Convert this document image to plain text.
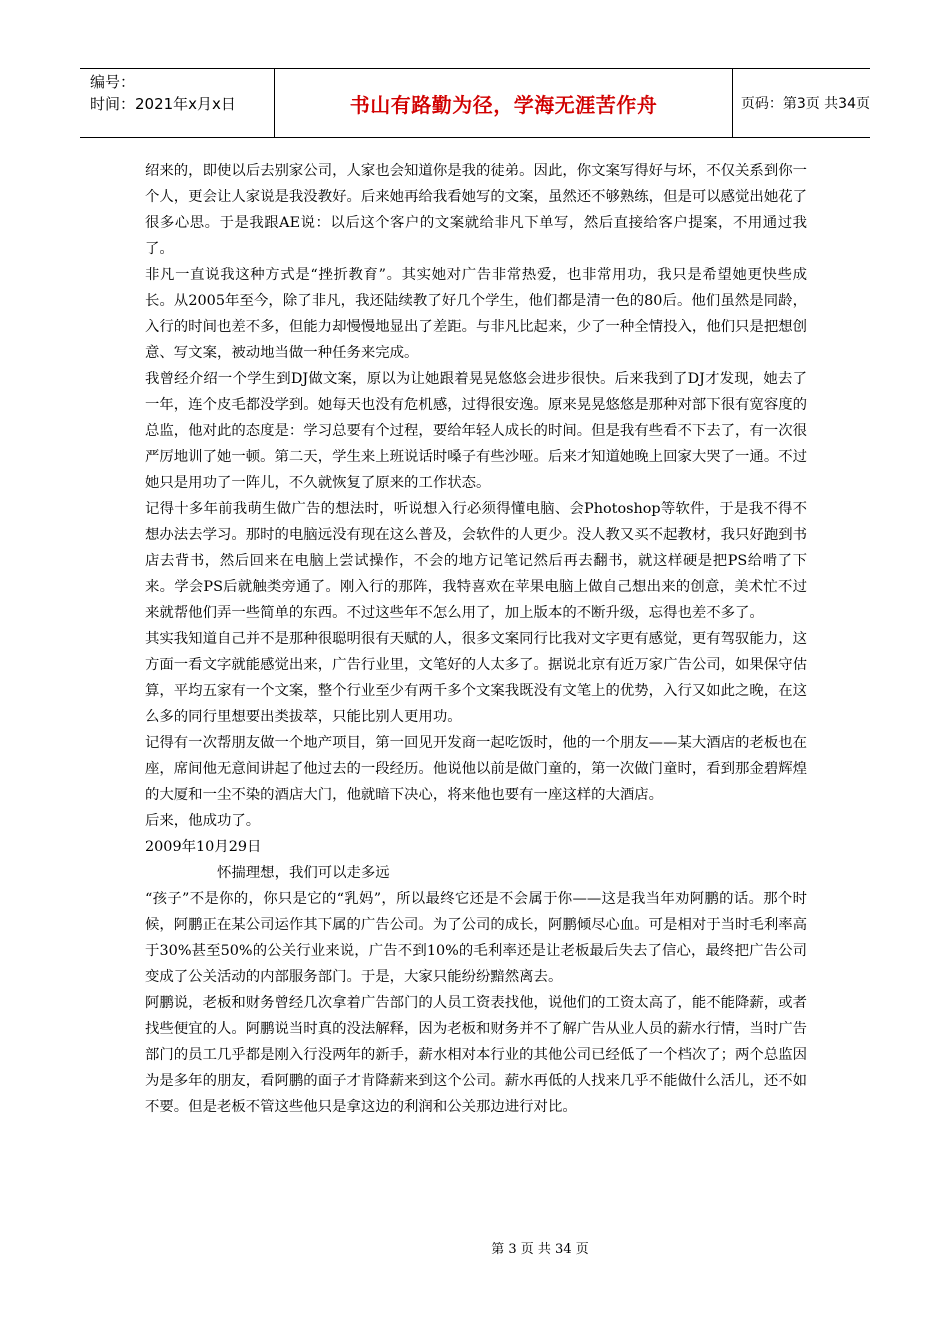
编号：
时间：2021年x月x日	书山有路勤为径，学海无涯苦作舟	页码：第3页 共34页

绍来的，即使以后去别家公司，人家也会知道你是我的徒弟。因此，你文案写得好与坏，不仅关系到你一个人，更会让人家说是我没教好。后来她再给我看她写的文案，虽然还不够熟练，但是可以感觉出她花了很多心思。于是我跟AE说：以后这个客户的文案就给非凡下单写，然后直接给客户提案，不用通过我了。

非凡一直说我这种方式是“挫折教育”。其实她对广告非常热爱，也非常用功，我只是希望她更快些成长。从2005年至今，除了非凡，我还陆续教了好几个学生，他们都是清一色的80后。他们虽然是同龄，入行的时间也差不多，但能力却慢慢地显出了差距。与非凡比起来，少了一种全情投入，他们只是把想创意、写文案，被动地当做一种任务来完成。

我曾经介绍一个学生到DJ做文案，原以为让她跟着晃晃悠悠会进步很快。后来我到了DJ才发现，她去了一年，连个皮毛都没学到。她每天也没有危机感，过得很安逸。原来晃晃悠悠是那种对部下很有宽容度的总监，他对此的态度是：学习总要有个过程，要给年轻人成长的时间。但是我有些看不下去了，有一次很严厉地训了她一顿。第二天，学生来上班说话时嗓子有些沙哑。后来才知道她晚上回家大哭了一通。不过她只是用功了一阵儿，不久就恢复了原来的工作状态。

记得十多年前我萌生做广告的想法时，听说想入行必须得懂电脑、会Photoshop等软件，于是我不得不想办法去学习。那时的电脑远没有现在这么普及，会软件的人更少。没人教又买不起教材，我只好跑到书店去背书，然后回来在电脑上尝试操作，不会的地方记笔记然后再去翻书，就这样硬是把PS给啃了下来。学会PS后就触类旁通了。刚入行的那阵，我特喜欢在苹果电脑上做自己想出来的创意，美术忙不过来就帮他们弄一些简单的东西。不过这些年不怎么用了，加上版本的不断升级，忘得也差不多了。

其实我知道自己并不是那种很聪明很有天赋的人，很多文案同行比我对文字更有感觉，更有驾驭能力，这方面一看文字就能感觉出来，广告行业里，文笔好的人太多了。据说北京有近万家广告公司，如果保守估算，平均五家有一个文案，整个行业至少有两千多个文案我既没有文笔上的优势，入行又如此之晚，在这么多的同行里想要出类拔萃，只能比别人更用功。

记得有一次帮朋友做一个地产项目，第一回见开发商一起吃饭时，他的一个朋友——某大酒店的老板也在座，席间他无意间讲起了他过去的一段经历。他说他以前是做门童的，第一次做门童时，看到那金碧辉煌的大厦和一尘不染的酒店大门，他就暗下决心，将来他也要有一座这样的大酒店。

后来，他成功了。

2009年10月29日

怀揣理想，我们可以走多远

“孩子”不是你的，你只是它的“乳妈”，所以最终它还是不会属于你——这是我当年劝阿鹏的话。那个时候，阿鹏正在某公司运作其下属的广告公司。为了公司的成长，阿鹏倾尽心血。可是相对于当时毛利率高于30%甚至50%的公关行业来说，广告不到10%的毛利率还是让老板最后失去了信心，最终把广告公司变成了公关活动的内部服务部门。于是，大家只能纷纷黯然离去。

阿鹏说，老板和财务曾经几次拿着广告部门的人员工资表找他，说他们的工资太高了，能不能降薪，或者找些便宜的人。阿鹏说当时真的没法解释，因为老板和财务并不了解广告从业人员的薪水行情，当时广告部门的员工几乎都是刚入行没两年的新手，薪水相对本行业的其他公司已经低了一个档次了；两个总监因为是多年的朋友，看阿鹏的面子才肯降薪来到这个公司。薪水再低的人找来几乎不能做什么活儿，还不如不要。但是老板不管这些他只是拿这边的利润和公关那边进行对比。

第 3 页 共 34 页
